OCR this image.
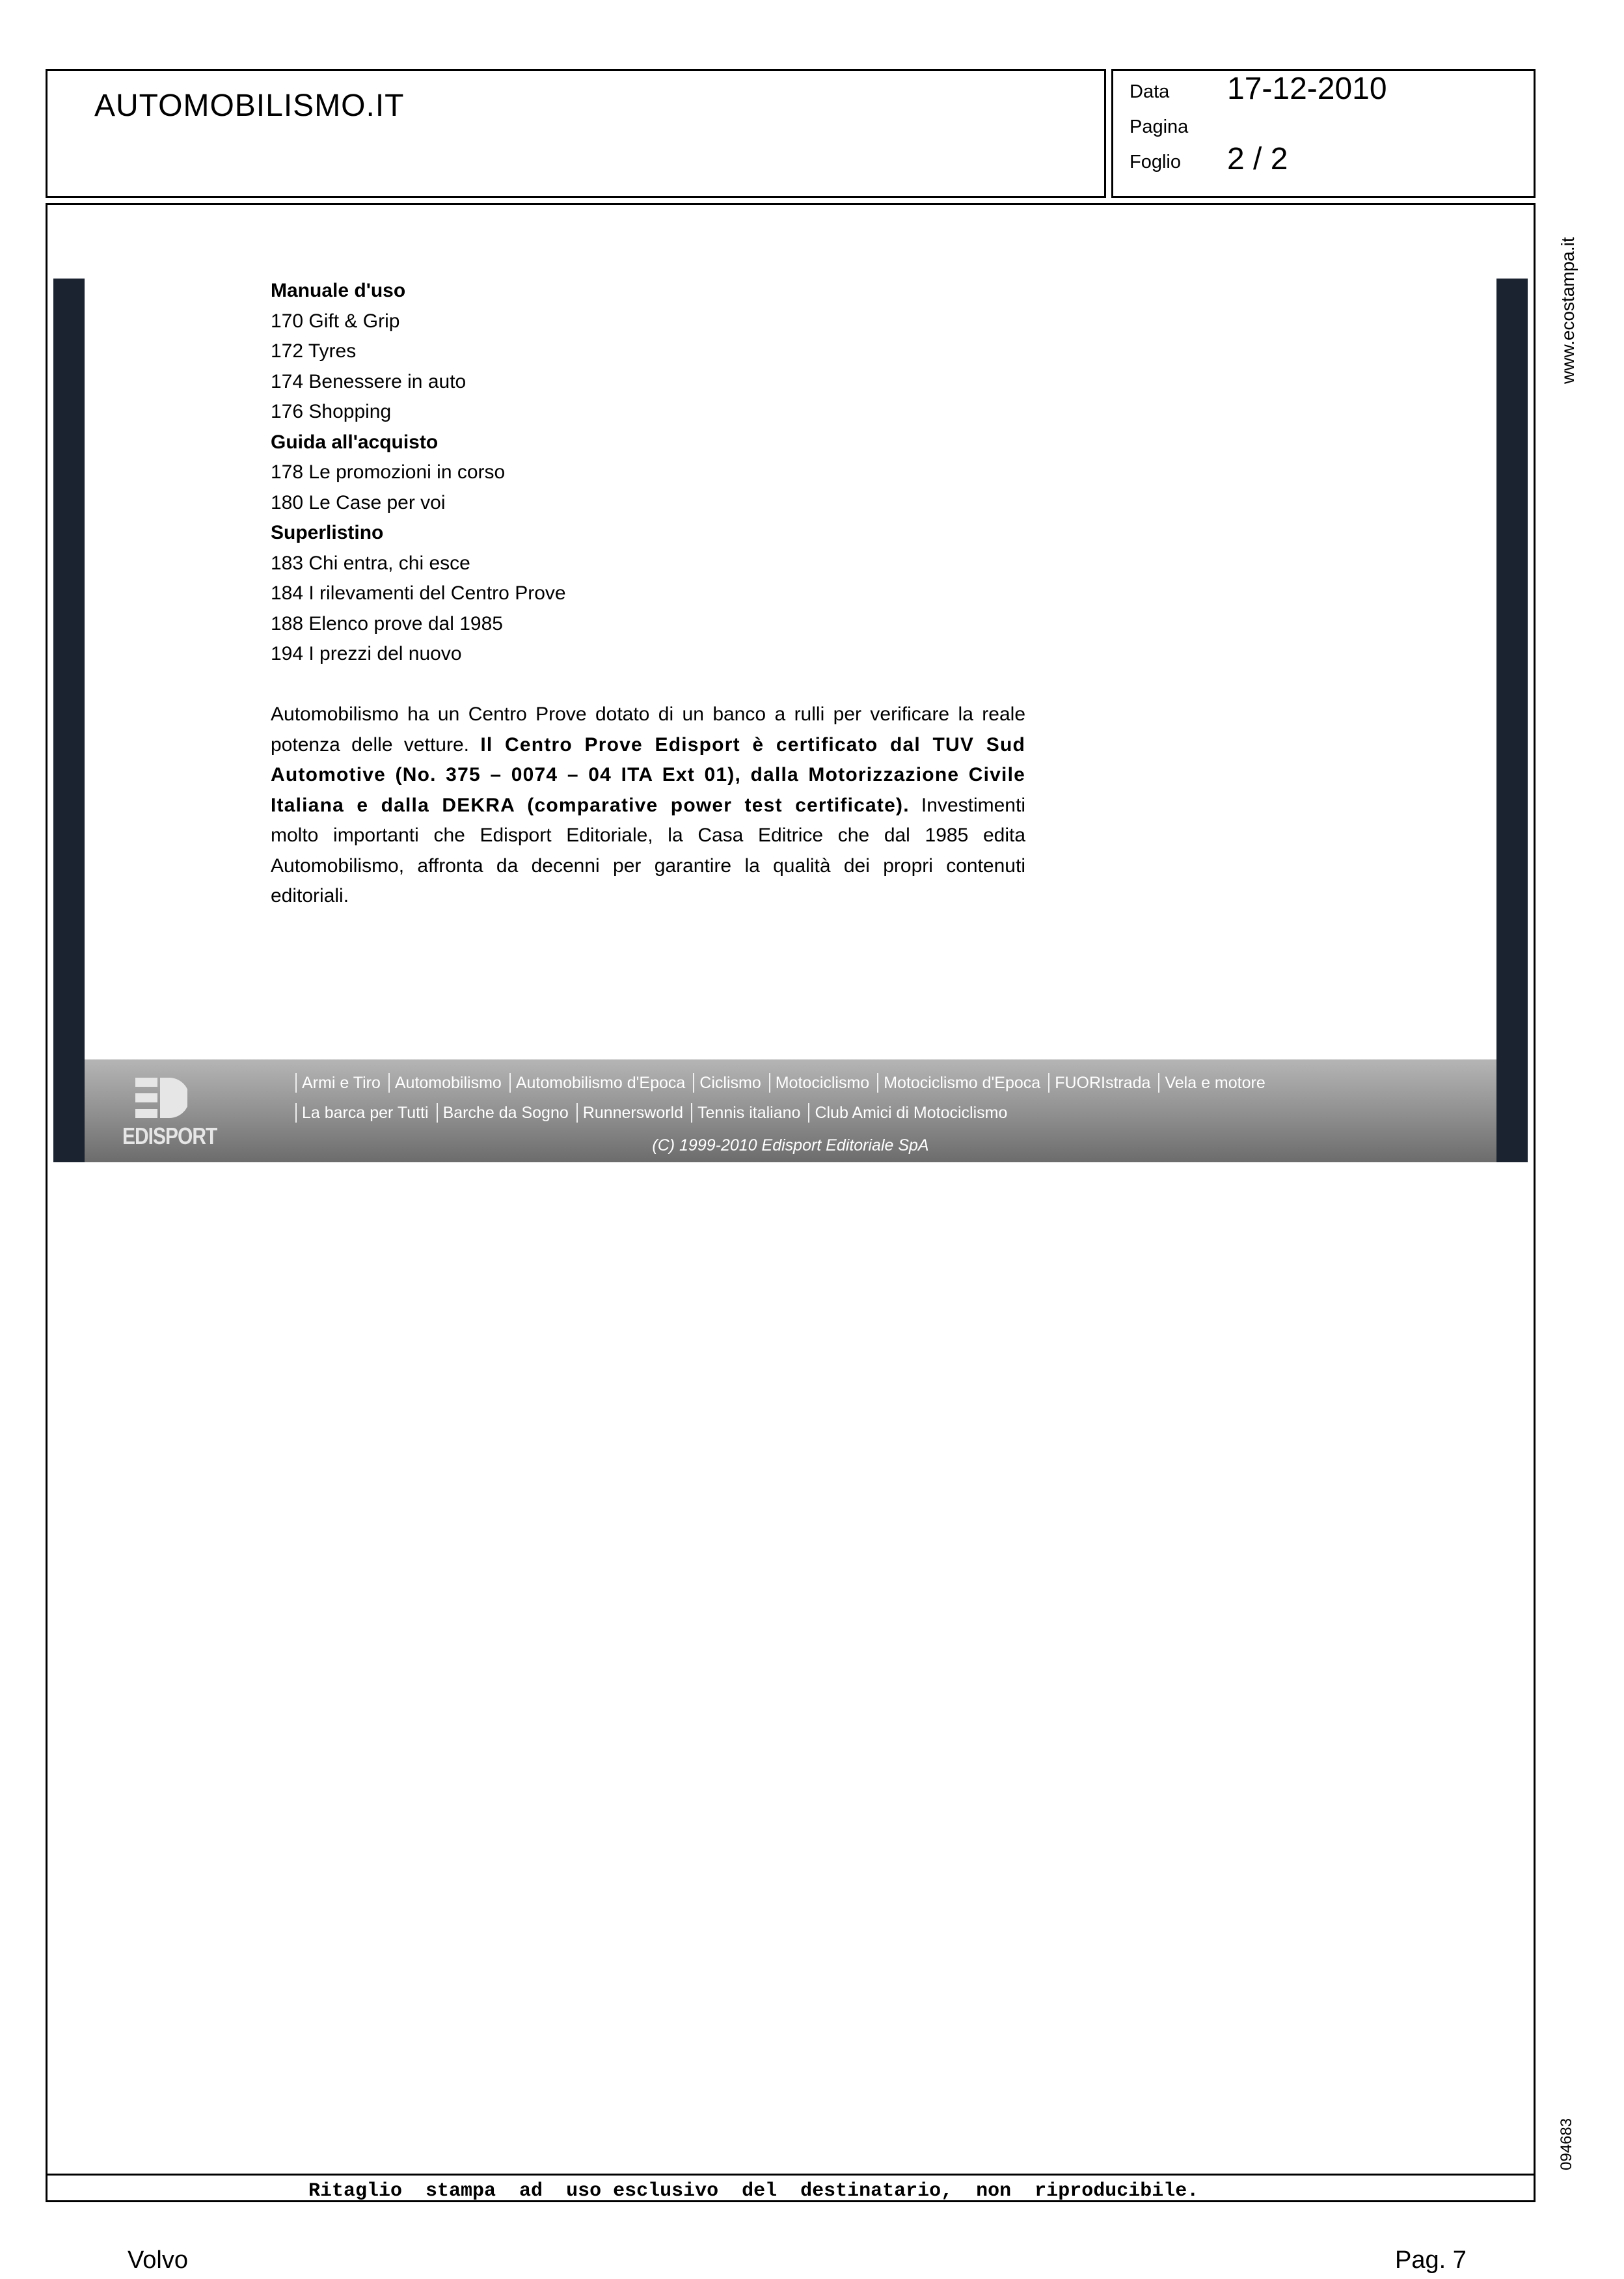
AUTOMOBILISMO.IT	Data 17-12-2010
Pagina
Foglio 2 / 2
www.ecostampa.it
094683
Manuale d'uso
170 Gift & Grip
172 Tyres
174 Benessere in auto
176 Shopping
Guida all'acquisto
178 Le promozioni in corso
180 Le Case per voi
Superlistino
183 Chi entra, chi esce
184 I rilevamenti del Centro Prove
188 Elenco prove dal 1985
194 I prezzi del nuovo
Automobilismo ha un Centro Prove dotato di un banco a rulli per verificare la reale potenza delle vetture. Il Centro Prove Edisport è certificato dal TUV Sud Automotive (No. 375 – 0074 – 04 ITA Ext 01), dalla Motorizzazione Civile Italiana e dalla DEKRA (comparative power test certificate). Investimenti molto importanti che Edisport Editoriale, la Casa Editrice che dal 1985 edita Automobilismo, affronta da decenni per garantire la qualità dei propri contenuti editoriali.
EDISPORT
Armi e Tiro Automobilismo Automobilismo d'Epoca Ciclismo Motociclismo Motociclismo d'Epoca FUORIstrada Vela e motore
La barca per Tutti Barche da Sogno Runnersworld Tennis italiano Club Amici di Motociclismo
(C) 1999-2010 Edisport Editoriale SpA
Ritaglio  stampa  ad  uso esclusivo  del  destinatario,  non  riproducibile.
Volvo	Pag. 7
